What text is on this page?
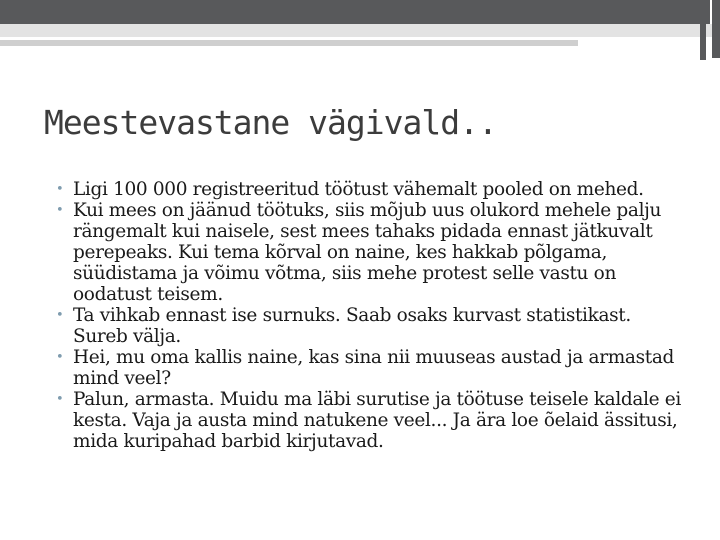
Meestevastane vägivald..
• Ligi 100 000 registreeritud töötust vähemalt pooled on mehed.
• Kui mees on jäänud töötuks, siis mõjub uus olukord mehele palju rängemalt kui naisele, sest mees tahaks pidada ennast jätkuvalt perepeaks. Kui tema kõrval on naine, kes hakkab põlgama, süüdistama ja võimu võtma, siis mehe protest selle vastu on oodatust teisem.
• Ta vihkab ennast ise surnuks. Saab osaks kurvast statistikast. Sureb välja.
• Hei, mu oma kallis naine, kas sina nii muuseas austad ja armastad mind veel?
• Palun, armasta. Muidu ma läbi surutise ja töötuse teisele kaldale ei kesta. Vaja ja austa mind natukene veel... Ja ära loe õelaid ässitusi, mida kuripahad barbid kirjutavad.
